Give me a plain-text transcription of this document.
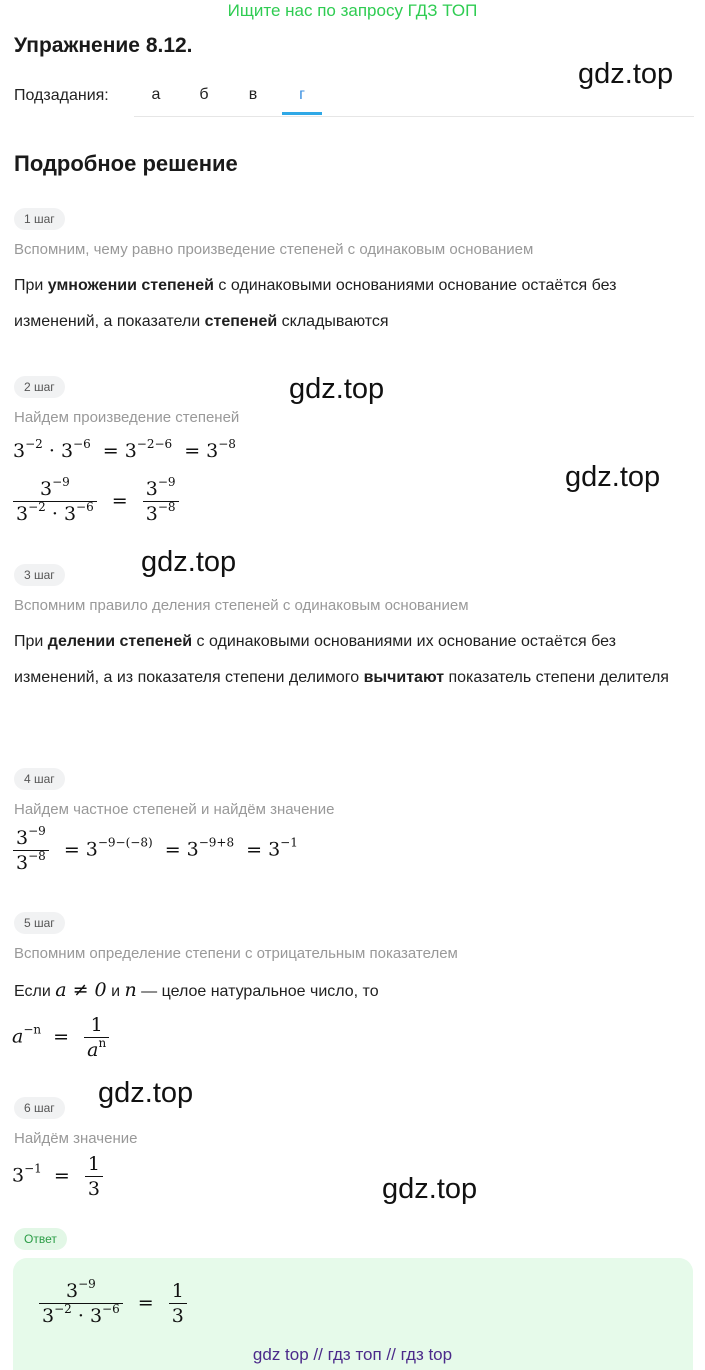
Ищите нас по запросу ГДЗ ТОП
Упражнение 8.12.
gdz.top
gdz.top
gdz.top
gdz.top
gdz.top
gdz.top
Подзадания:	а	б	в	г
Подробное решение
1 шаг
Вспомним, чему равно произведение степеней с одинаковым основанием
При умножении степеней с одинаковыми основаниями основание остаётся без изменений, а показатели степеней складываются
2 шаг
Найдем произведение степеней
$3^{-2} \cdot 3^{-6} = 3^{-2-6} = 3^{-8}$
$\frac{3^{-9}}{3^{-2} \cdot 3^{-6}} = \frac{3^{-9}}{3^{-8}}$
3 шаг
Вспомним правило деления степеней с одинаковым основанием
При делении степеней с одинаковыми основаниями их основание остаётся без изменений, а из показателя степени делимого вычитают показатель степени делителя
4 шаг
Найдем частное степеней и найдём значение
$\frac{3^{-9}}{3^{-8}} = 3^{-9-(-8)} = 3^{-9+8} = 3^{-1}$
5 шаг
Вспомним определение степени с отрицательным показателем
Если a ≠ 0 и n — целое натуральное число, то
$a^{-n} = \frac{1}{a^n}$
6 шаг
Найдём значение
$3^{-1} = \frac{1}{3}$
Ответ
$\frac{3^{-9}}{3^{-2} \cdot 3^{-6}} = \frac{1}{3}$
gdz top // гдз топ // гдз top
